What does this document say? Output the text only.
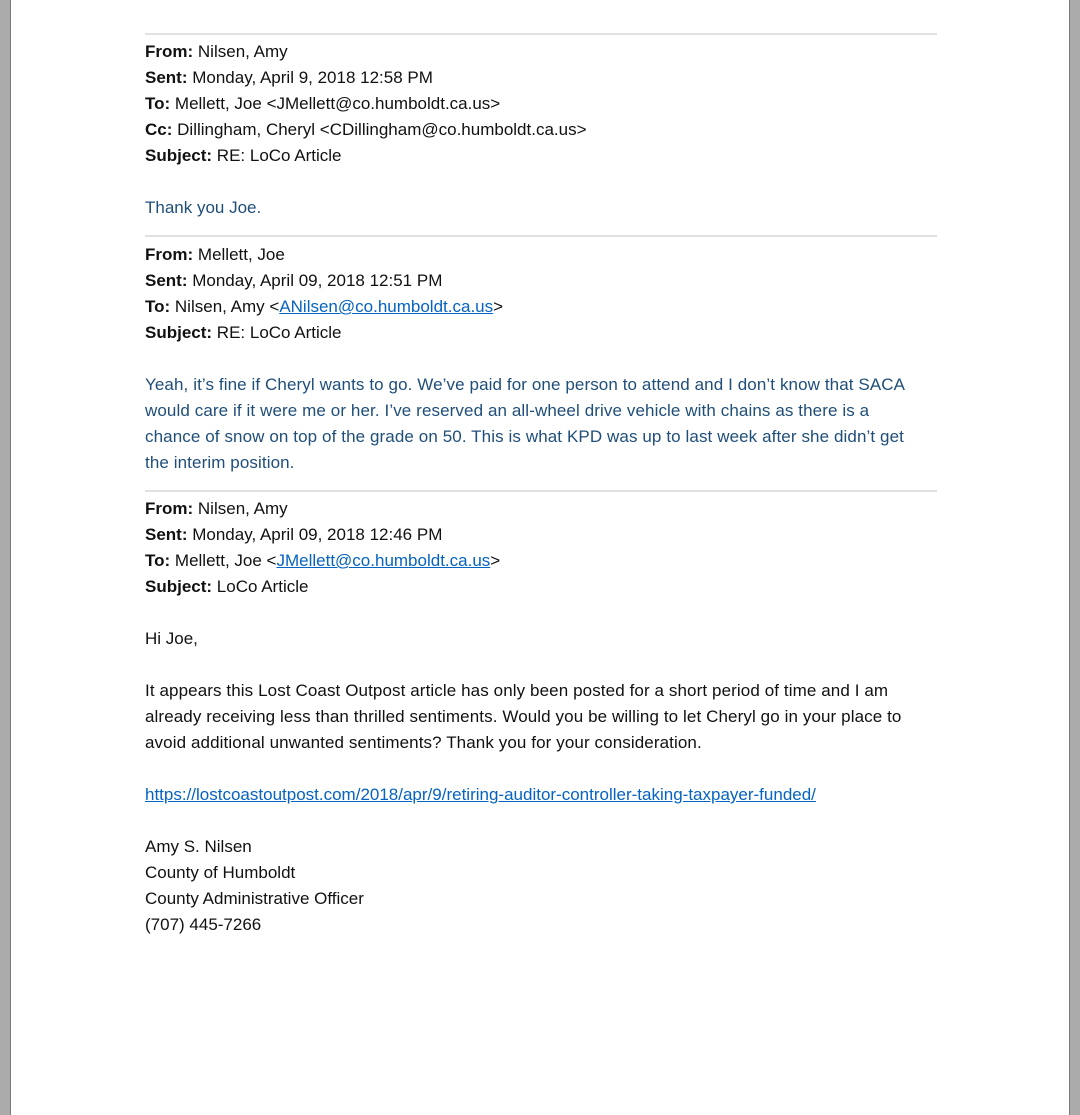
From: Nilsen, Amy
Sent: Monday, April 9, 2018 12:58 PM
To: Mellett, Joe <JMellett@co.humboldt.ca.us>
Cc: Dillingham, Cheryl <CDillingham@co.humboldt.ca.us>
Subject: RE: LoCo Article
Thank you Joe.
From: Mellett, Joe
Sent: Monday, April 09, 2018 12:51 PM
To: Nilsen, Amy <ANilsen@co.humboldt.ca.us>
Subject: RE: LoCo Article
Yeah, it’s fine if Cheryl wants to go. We’ve paid for one person to attend and I don’t know that SACA
would care if it were me or her. I’ve reserved an all-wheel drive vehicle with chains as there is a
chance of snow on top of the grade on 50. This is what KPD was up to last week after she didn’t get
the interim position.
From: Nilsen, Amy
Sent: Monday, April 09, 2018 12:46 PM
To: Mellett, Joe <JMellett@co.humboldt.ca.us>
Subject: LoCo Article
Hi Joe,
It appears this Lost Coast Outpost article has only been posted for a short period of time and I am
already receiving less than thrilled sentiments. Would you be willing to let Cheryl go in your place to
avoid additional unwanted sentiments? Thank you for your consideration.
https://lostcoastoutpost.com/2018/apr/9/retiring-auditor-controller-taking-taxpayer-funded/
Amy S. Nilsen
County of Humboldt
County Administrative Officer
(707) 445-7266
